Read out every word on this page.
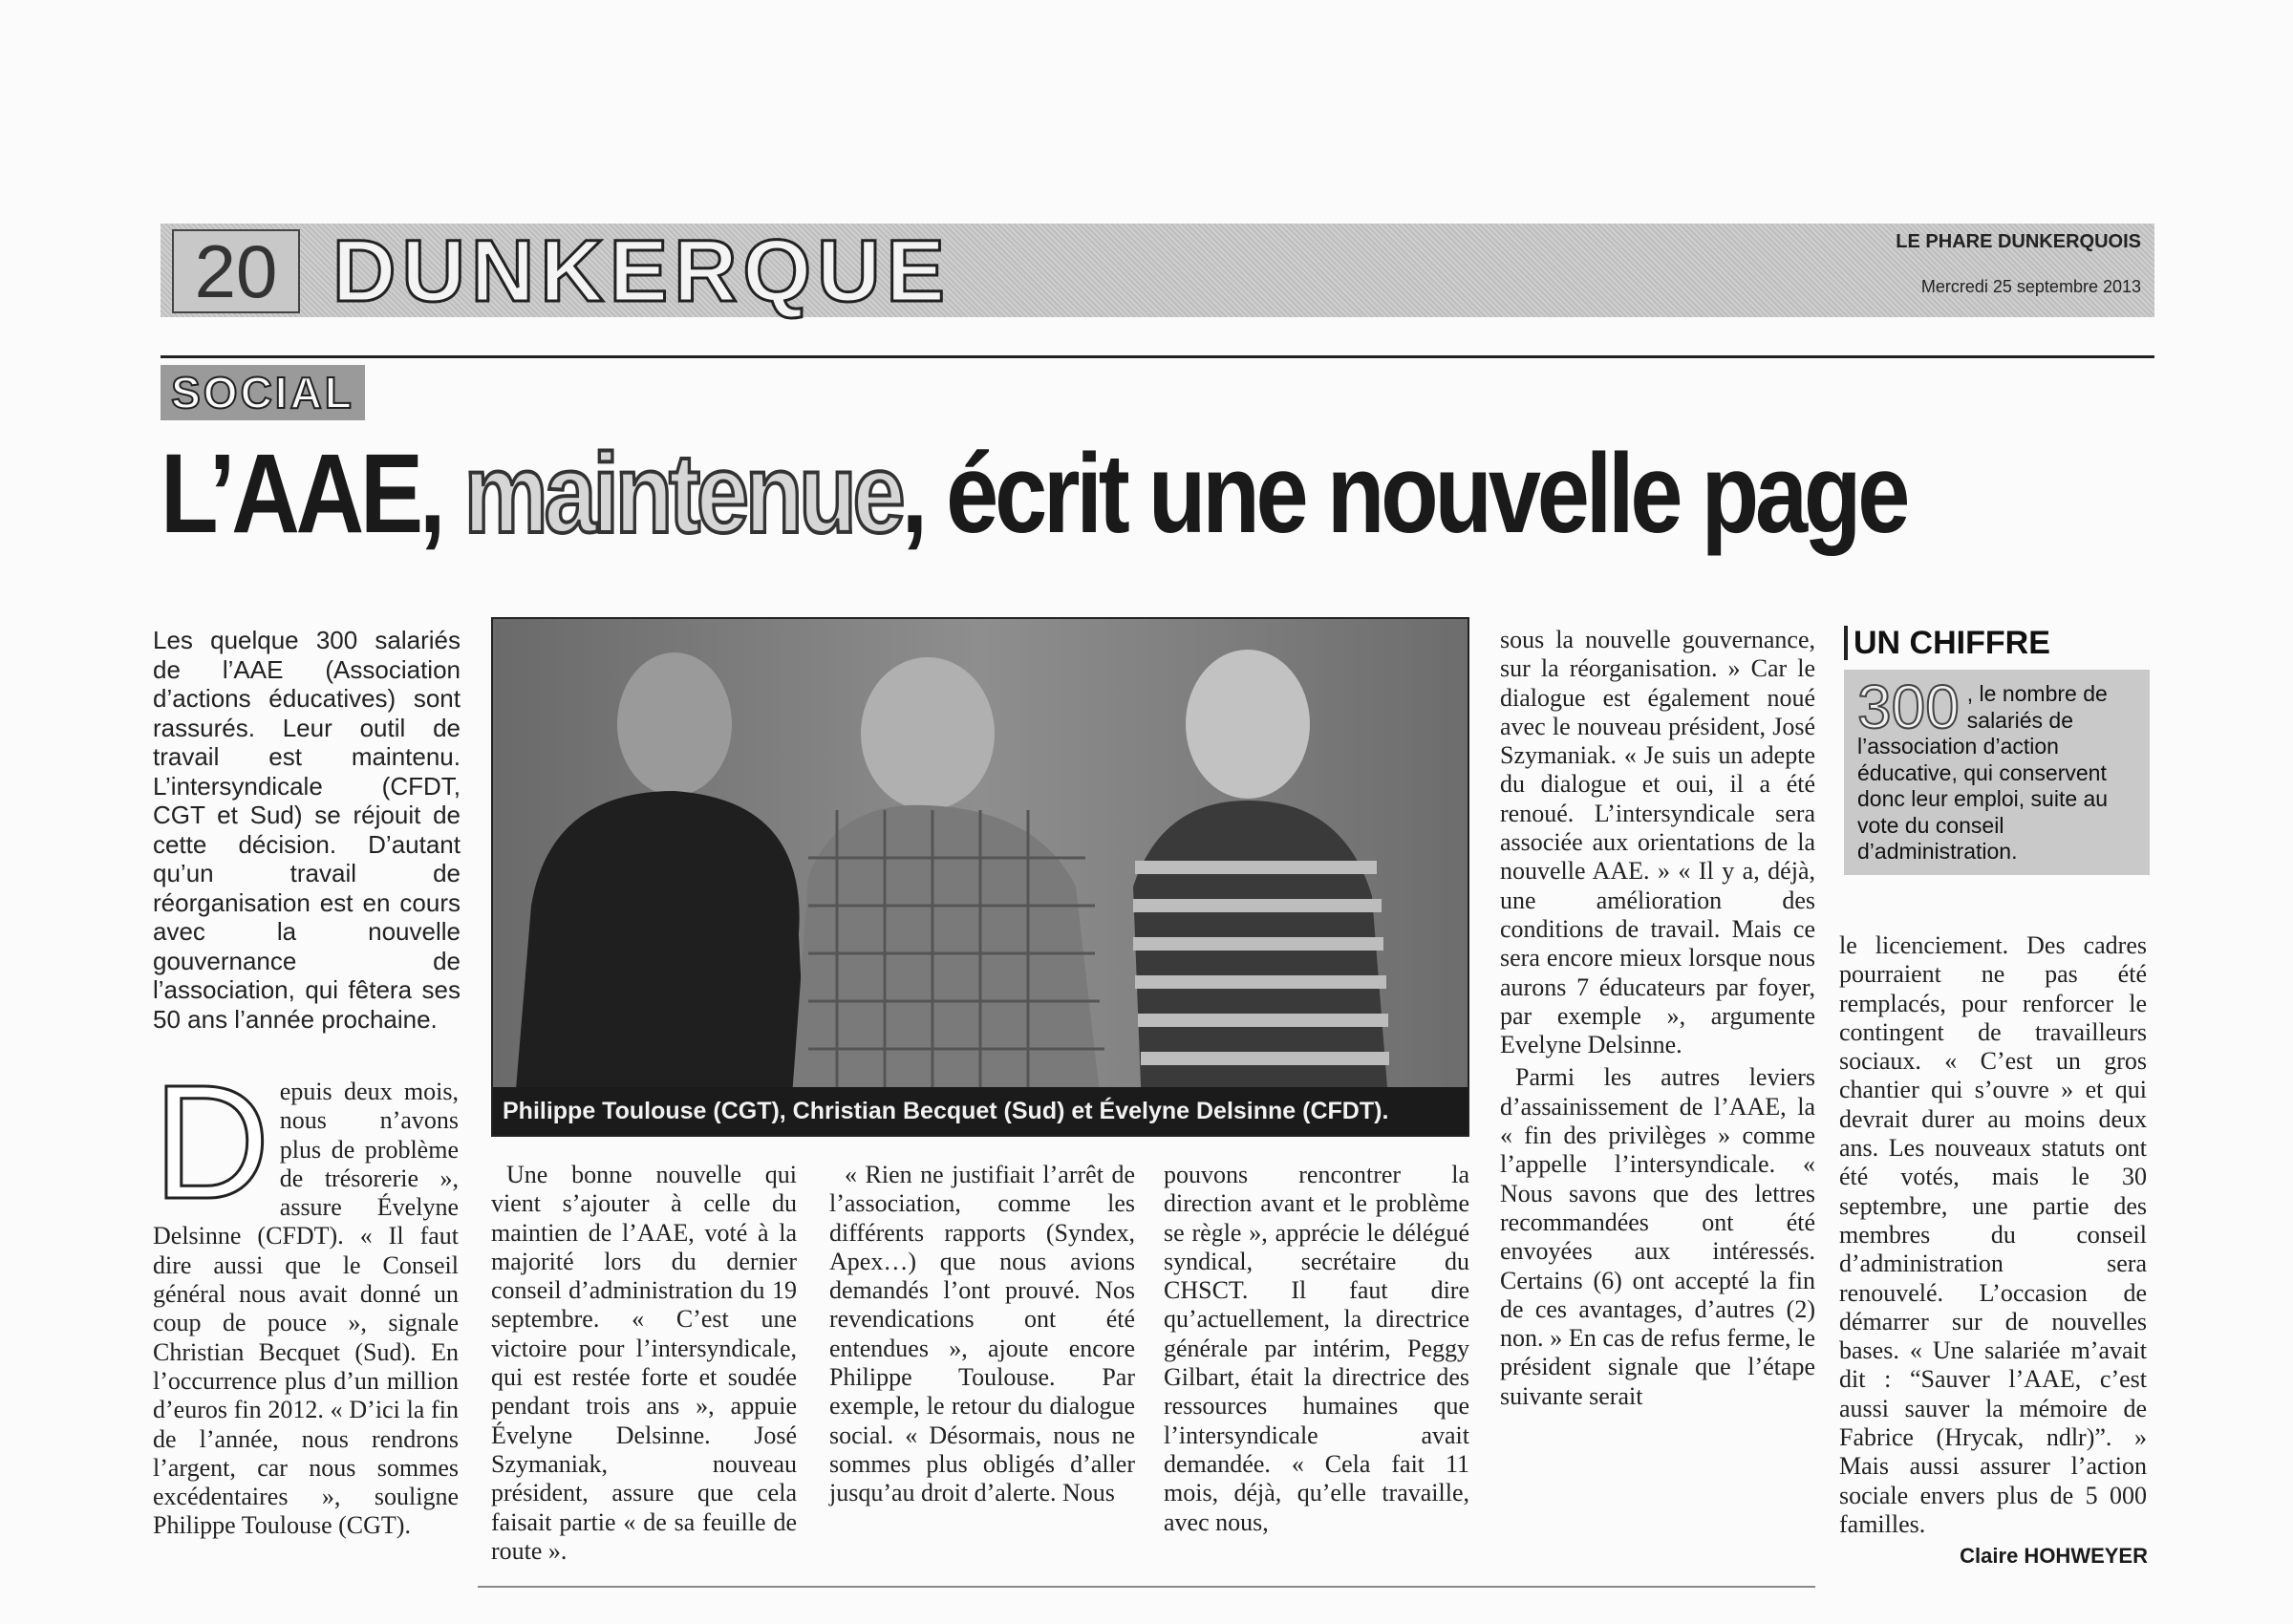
20 DUNKERQUE	LE PHARE DUNKERQUOIS
Mercredi 25 septembre 2013
SOCIAL
L’AAE, maintenue, écrit une nouvelle page
Les quelque 300 salariés de l’AAE (Association d’actions éducatives) sont rassurés. Leur outil de travail est maintenu. L’intersyndicale (CFDT, CGT et Sud) se réjouit de cette décision. D’autant qu’un travail de réorganisation est en cours avec la nouvelle gouvernance de l’association, qui fêtera ses 50 ans l’année prochaine.
Philippe Toulouse (CGT), Christian Becquet (Sud) et Évelyne Delsinne (CFDT).
D epuis deux mois, nous n’avons plus de problème de trésorerie », assure Évelyne Delsinne (CFDT). « Il faut dire aussi que le Conseil général nous avait donné un coup de pouce », signale Christian Becquet (Sud). En l’occurrence plus d’un million d’euros fin 2012. « D’ici la fin de l’année, nous rendrons l’argent, car nous sommes excédentaires », souligne Philippe Toulouse (CGT).

Une bonne nouvelle qui vient s’ajouter à celle du maintien de l’AAE, voté à la majorité lors du dernier conseil d’administration du 19 septembre. « C’est une victoire pour l’intersyndicale, qui est restée forte et soudée pendant trois ans », appuie Évelyne Delsinne. José Szymaniak, nouveau président, assure que cela faisait partie « de sa feuille de route ».

« Rien ne justifiait l’arrêt de l’association, comme les différents rapports (Syndex, Apex…) que nous avions demandés l’ont prouvé. Nos revendications ont été entendues », ajoute encore Philippe Toulouse. Par exemple, le retour du dialogue social. « Désormais, nous ne sommes plus obligés d’aller jusqu’au droit d’alerte. Nous

pouvons rencontrer la direction avant et le problème se règle », apprécie le délégué syndical, secrétaire du CHSCT. Il faut dire qu’actuellement, la directrice générale par intérim, Peggy Gilbart, était la directrice des ressources humaines que l’intersyndicale avait demandée. « Cela fait 11 mois, déjà, qu’elle travaille, avec nous,

sous la nouvelle gouvernance, sur la réorganisation. » Car le dialogue est également noué avec le nouveau président, José Szymaniak. « Je suis un adepte du dialogue et oui, il a été renoué. L’intersyndicale sera associée aux orientations de la nouvelle AAE. » « Il y a, déjà, une amélioration des conditions de travail. Mais ce sera encore mieux lorsque nous aurons 7 éducateurs par foyer, par exemple », argumente Evelyne Delsinne.

Parmi les autres leviers d’assainissement de l’AAE, la « fin des privilèges » comme l’appelle l’intersyndicale. « Nous savons que des lettres recommandées ont été envoyées aux intéressés. Certains (6) ont accepté la fin de ces avantages, d’autres (2) non. » En cas de refus ferme, le président signale que l’étape suivante serait

UN CHIFFRE
300 , le nombre de salariés de l’association d’action éducative, qui conservent donc leur emploi, suite au vote du conseil d’administration.

le licenciement. Des cadres pourraient ne pas été remplacés, pour renforcer le contingent de travailleurs sociaux. « C’est un gros chantier qui s’ouvre » et qui devrait durer au moins deux ans. Les nouveaux statuts ont été votés, mais le 30 septembre, une partie des membres du conseil d’administration sera renouvelé. L’occasion de démarrer sur de nouvelles bases. « Une salariée m’avait dit : “Sauver l’AAE, c’est aussi sauver la mémoire de Fabrice (Hrycak, ndlr)”. » Mais aussi assurer l’action sociale envers plus de 5 000 familles.

Claire HOHWEYER
